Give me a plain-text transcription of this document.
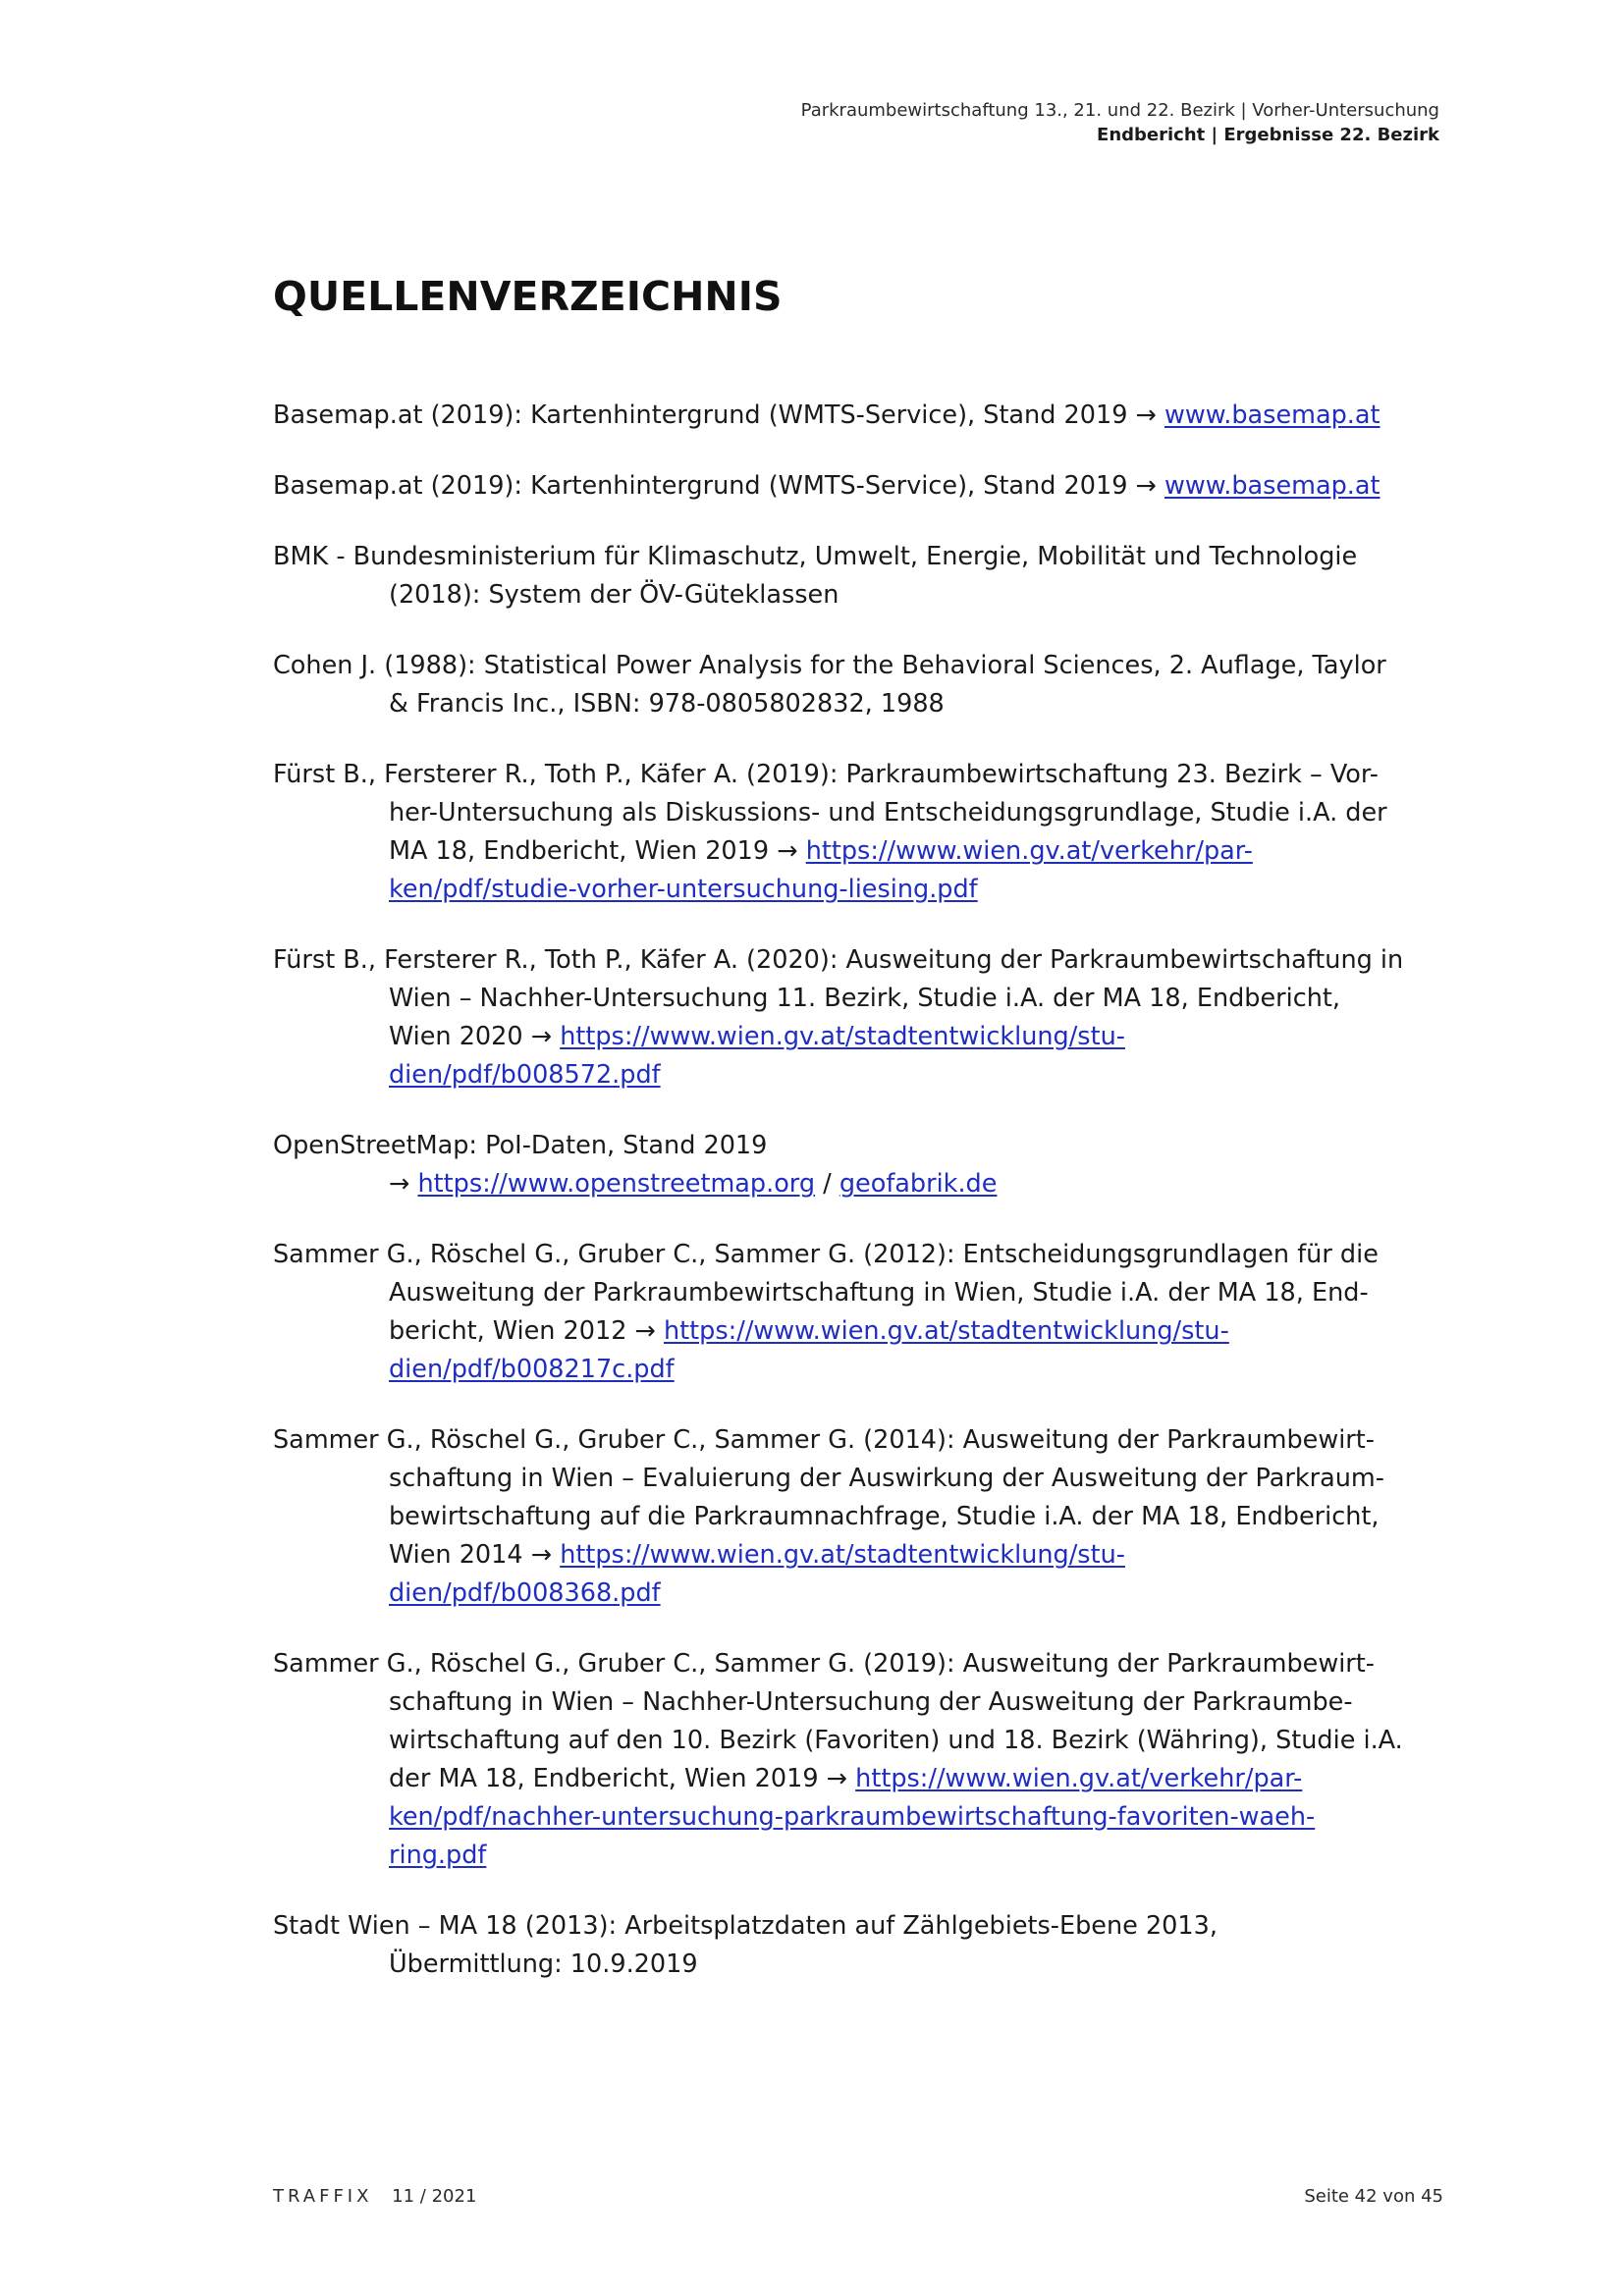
Parkraumbewirtschaftung 13., 21. und 22. Bezirk | Vorher-Untersuchung
Endbericht | Ergebnisse 22. Bezirk
QUELLENVERZEICHNIS

Basemap.at (2019): Kartenhintergrund (WMTS-Service), Stand 2019 → www.basemap.at

Basemap.at (2019): Kartenhintergrund (WMTS-Service), Stand 2019 → www.basemap.at

BMK - Bundesministerium für Klimaschutz, Umwelt, Energie, Mobilität und Technologie
(2018): System der ÖV-Güteklassen

Cohen J. (1988): Statistical Power Analysis for the Behavioral Sciences, 2. Auflage, Taylor
& Francis Inc., ISBN: 978-0805802832, 1988

Fürst B., Fersterer R., Toth P., Käfer A. (2019): Parkraumbewirtschaftung 23. Bezirk – Vor-
her-Untersuchung als Diskussions- und Entscheidungsgrundlage, Studie i.A. der
MA 18, Endbericht, Wien 2019 → https://www.wien.gv.at/verkehr/par-
ken/pdf/studie-vorher-untersuchung-liesing.pdf

Fürst B., Fersterer R., Toth P., Käfer A. (2020): Ausweitung der Parkraumbewirtschaftung in
Wien – Nachher-Untersuchung 11. Bezirk, Studie i.A. der MA 18, Endbericht,
Wien 2020 → https://www.wien.gv.at/stadtentwicklung/stu-
dien/pdf/b008572.pdf

OpenStreetMap: PoI-Daten, Stand 2019
→ https://www.openstreetmap.org / geofabrik.de

Sammer G., Röschel G., Gruber C., Sammer G. (2012): Entscheidungsgrundlagen für die
Ausweitung der Parkraumbewirtschaftung in Wien, Studie i.A. der MA 18, End-
bericht, Wien 2012 → https://www.wien.gv.at/stadtentwicklung/stu-
dien/pdf/b008217c.pdf

Sammer G., Röschel G., Gruber C., Sammer G. (2014): Ausweitung der Parkraumbewirt-
schaftung in Wien – Evaluierung der Auswirkung der Ausweitung der Parkraum-
bewirtschaftung auf die Parkraumnachfrage, Studie i.A. der MA 18, Endbericht,
Wien 2014 → https://www.wien.gv.at/stadtentwicklung/stu-
dien/pdf/b008368.pdf

Sammer G., Röschel G., Gruber C., Sammer G. (2019): Ausweitung der Parkraumbewirt-
schaftung in Wien – Nachher-Untersuchung der Ausweitung der Parkraumbe-
wirtschaftung auf den 10. Bezirk (Favoriten) und 18. Bezirk (Währing), Studie i.A.
der MA 18, Endbericht, Wien 2019 → https://www.wien.gv.at/verkehr/par-
ken/pdf/nachher-untersuchung-parkraumbewirtschaftung-favoriten-waeh-
ring.pdf

Stadt Wien – MA 18 (2013): Arbeitsplatzdaten auf Zählgebiets-Ebene 2013,
Übermittlung: 10.9.2019

TRAFFIX 11 / 2021	Seite 42 von 45
